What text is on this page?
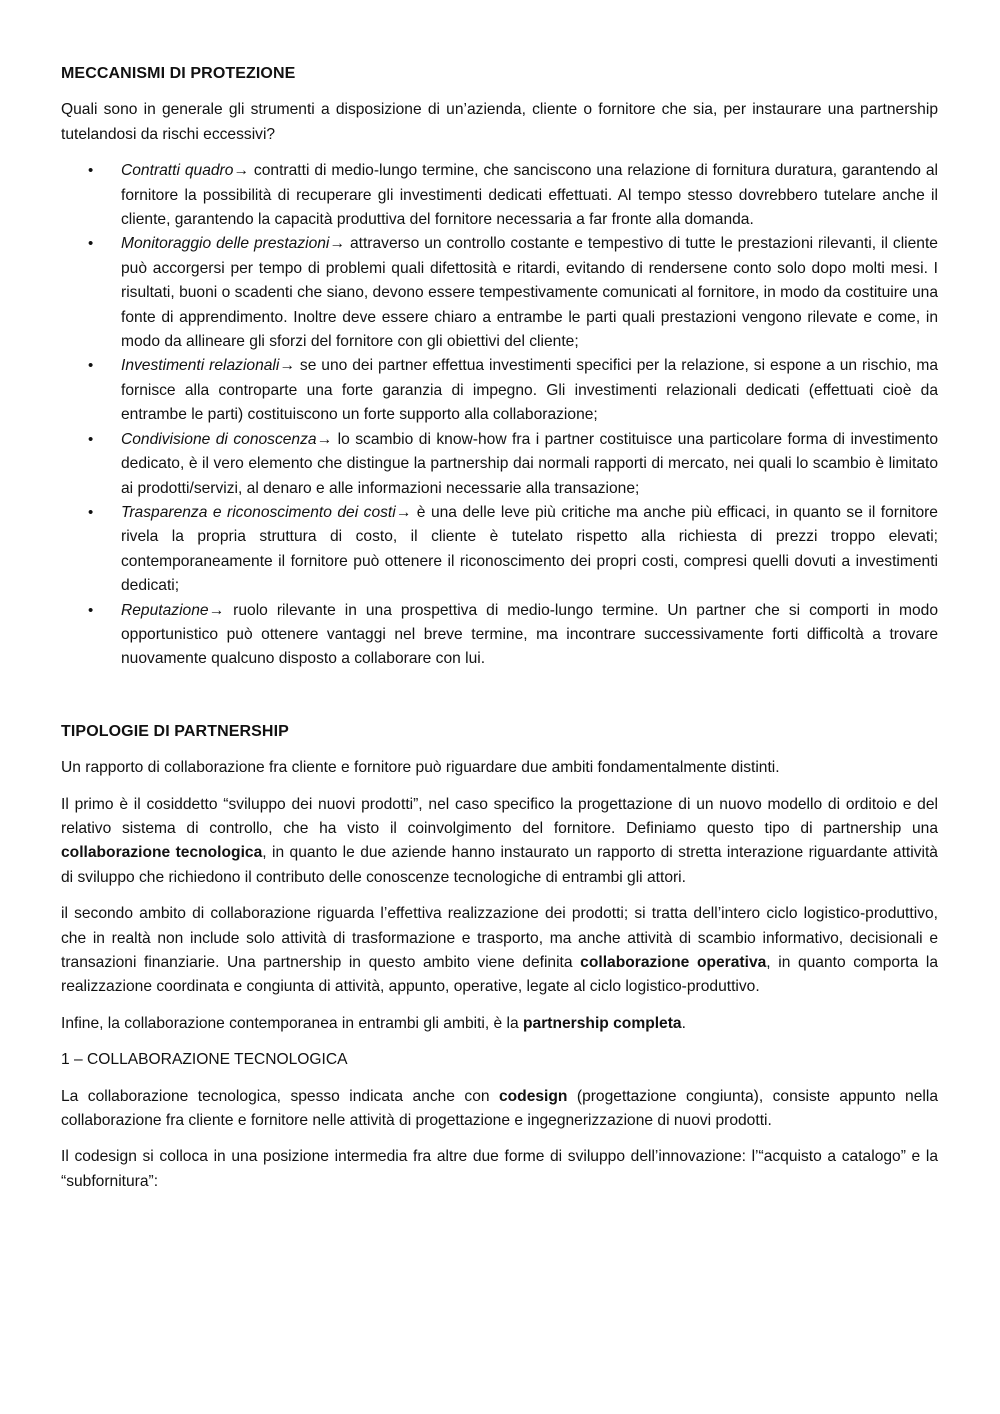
MECCANISMI DI PROTEZIONE

Quali sono in generale gli strumenti a disposizione di un’azienda, cliente o fornitore che sia, per instaurare una partnership tutelandosi da rischi eccessivi?

• Contratti quadro→ contratti di medio-lungo termine, che sanciscono una relazione di fornitura duratura, garantendo al fornitore la possibilità di recuperare gli investimenti dedicati effettuati. Al tempo stesso dovrebbero tutelare anche il cliente, garantendo la capacità produttiva del fornitore necessaria a far fronte alla domanda.
• Monitoraggio delle prestazioni→ attraverso un controllo costante e tempestivo di tutte le prestazioni rilevanti, il cliente può accorgersi per tempo di problemi quali difettosità e ritardi, evitando di rendersene conto solo dopo molti mesi. I risultati, buoni o scadenti che siano, devono essere tempestivamente comunicati al fornitore, in modo da costituire una fonte di apprendimento. Inoltre deve essere chiaro a entrambe le parti quali prestazioni vengono rilevate e come, in modo da allineare gli sforzi del fornitore con gli obiettivi del cliente;
• Investimenti relazionali→ se uno dei partner effettua investimenti specifici per la relazione, si espone a un rischio, ma fornisce alla controparte una forte garanzia di impegno. Gli investimenti relazionali dedicati (effettuati cioè da entrambe le parti) costituiscono un forte supporto alla collaborazione;
• Condivisione di conoscenza→ lo scambio di know-how fra i partner costituisce una particolare forma di investimento dedicato, è il vero elemento che distingue la partnership dai normali rapporti di mercato, nei quali lo scambio è limitato ai prodotti/servizi, al denaro e alle informazioni necessarie alla transazione;
• Trasparenza e riconoscimento dei costi→ è una delle leve più critiche ma anche più efficaci, in quanto se il fornitore rivela la propria struttura di costo, il cliente è tutelato rispetto alla richiesta di prezzi troppo elevati; contemporaneamente il fornitore può ottenere il riconoscimento dei propri costi, compresi quelli dovuti a investimenti dedicati;
• Reputazione→ ruolo rilevante in una prospettiva di medio-lungo termine. Un partner che si comporti in modo opportunistico può ottenere vantaggi nel breve termine, ma incontrare successivamente forti difficoltà a trovare nuovamente qualcuno disposto a collaborare con lui.
TIPOLOGIE DI PARTNERSHIP

Un rapporto di collaborazione fra cliente e fornitore può riguardare due ambiti fondamentalmente distinti.

Il primo è il cosiddetto “sviluppo dei nuovi prodotti”, nel caso specifico la progettazione di un nuovo modello di orditoio e del relativo sistema di controllo, che ha visto il coinvolgimento del fornitore. Definiamo questo tipo di partnership una collaborazione tecnologica, in quanto le due aziende hanno instaurato un rapporto di stretta interazione riguardante attività di sviluppo che richiedono il contributo delle conoscenze tecnologiche di entrambi gli attori.

il secondo ambito di collaborazione riguarda l’effettiva realizzazione dei prodotti; si tratta dell’intero ciclo logistico-produttivo, che in realtà non include solo attività di trasformazione e trasporto, ma anche attività di scambio informativo, decisionali e transazioni finanziarie. Una partnership in questo ambito viene definita collaborazione operativa, in quanto comporta la realizzazione coordinata e congiunta di attività, appunto, operative, legate al ciclo logistico-produttivo.

Infine, la collaborazione contemporanea in entrambi gli ambiti, è la partnership completa.

1 – COLLABORAZIONE TECNOLOGICA

La collaborazione tecnologica, spesso indicata anche con codesign (progettazione congiunta), consiste appunto nella collaborazione fra cliente e fornitore nelle attività di progettazione e ingegnerizzazione di nuovi prodotti.

Il codesign si colloca in una posizione intermedia fra altre due forme di sviluppo dell’innovazione: l’“acquisto a catalogo” e la “subfornitura”:
